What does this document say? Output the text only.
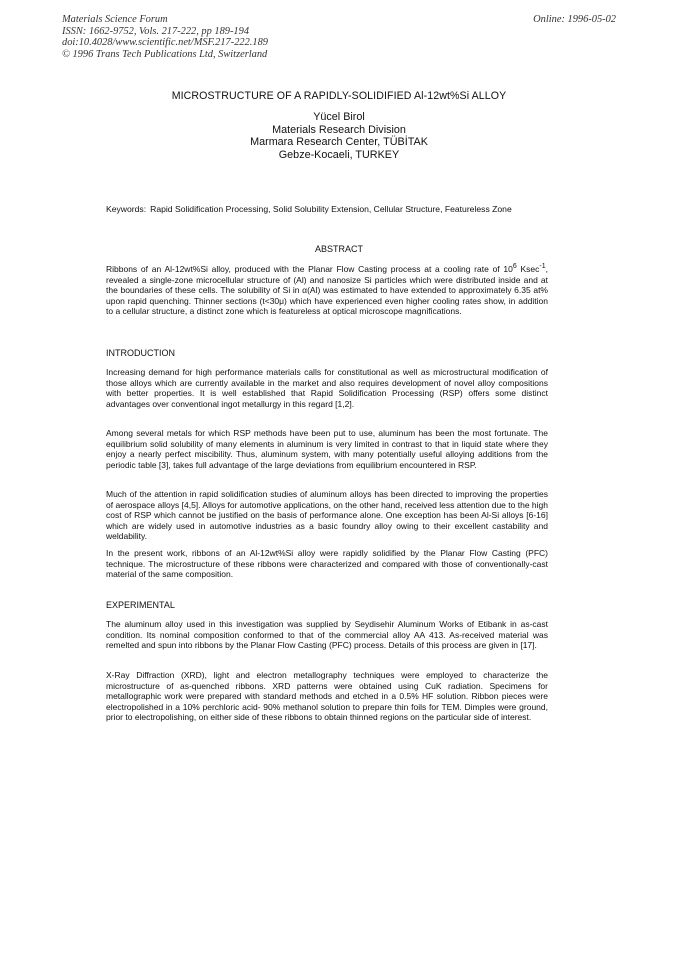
Materials Science Forum
ISSN: 1662-9752, Vols. 217-222, pp 189-194
doi:10.4028/www.scientific.net/MSF.217-222.189
© 1996 Trans Tech Publications Ltd, Switzerland
Online: 1996-05-02
MICROSTRUCTURE OF A RAPIDLY-SOLIDIFIED Al-12wt%Si ALLOY
Yücel Birol
Materials Research Division
Marmara Research Center, TÜBİTAK
Gebze-Kocaeli, TURKEY
Keywords: Rapid Solidification Processing, Solid Solubility Extension, Cellular Structure, Featureless Zone
ABSTRACT
Ribbons of an Al-12wt%Si alloy, produced with the Planar Flow Casting process at a cooling rate of $10^6$ Ksec$^{-1}$, revealed a single-zone microcellular structure of (Al) and nanosize Si particles which were distributed inside and at the boundaries of these cells. The solubility of Si in α(Al) was estimated to have extended to approximately 6.35 at% upon rapid quenching. Thinner sections (t<30μ) which have experienced even higher cooling rates show, in addition to a cellular structure, a distinct zone which is featureless at optical microscope magnifications.
INTRODUCTION
Increasing demand for high performance materials calls for constitutional as well as microstructural modification of those alloys which are currently available in the market and also requires development of novel alloy compositions with better properties. It is well established that Rapid Solidification Processing (RSP) offers some distinct advantages over conventional ingot metallurgy in this regard [1,2].
Among several metals for which RSP methods have been put to use, aluminum has been the most fortunate. The equilibrium solid solubility of many elements in aluminum is very limited in contrast to that in liquid state where they enjoy a nearly perfect miscibility. Thus, aluminum system, with many potentially useful alloying additions from the periodic table [3], takes full advantage of the large deviations from equilibrium encountered in RSP.
Much of the attention in rapid solidification studies of aluminum alloys has been directed to improving the properties of aerospace alloys [4,5]. Alloys for automotive applications, on the other hand, received less attention due to the high cost of RSP which cannot be justified on the basis of performance alone. One exception has been Al-Si alloys [6-16] which are widely used in automotive industries as a basic foundry alloy owing to their excellent castability and weldability.
In the present work, ribbons of an Al-12wt%Si alloy were rapidly solidified by the Planar Flow Casting (PFC) technique. The microstructure of these ribbons were characterized and compared with those of conventionally-cast material of the same composition.
EXPERIMENTAL
The aluminum alloy used in this investigation was supplied by Seydisehir Aluminum Works of Etibank in as-cast condition. Its nominal composition conformed to that of the commercial alloy AA 413. As-received material was remelted and spun into ribbons by the Planar Flow Casting (PFC) process. Details of this process are given in [17].
X-Ray Diffraction (XRD), light and electron metallography techniques were employed to characterize the microstructure of as-quenched ribbons. XRD patterns were obtained using CuK radiation. Specimens for metallographic work were prepared with standard methods and etched in a 0.5% HF solution. Ribbon pieces were electropolished in a 10% perchloric acid- 90% methanol solution to prepare thin foils for TEM. Dimples were ground, prior to electropolishing, on either side of these ribbons to obtain thinned regions on the particular side of interest.
